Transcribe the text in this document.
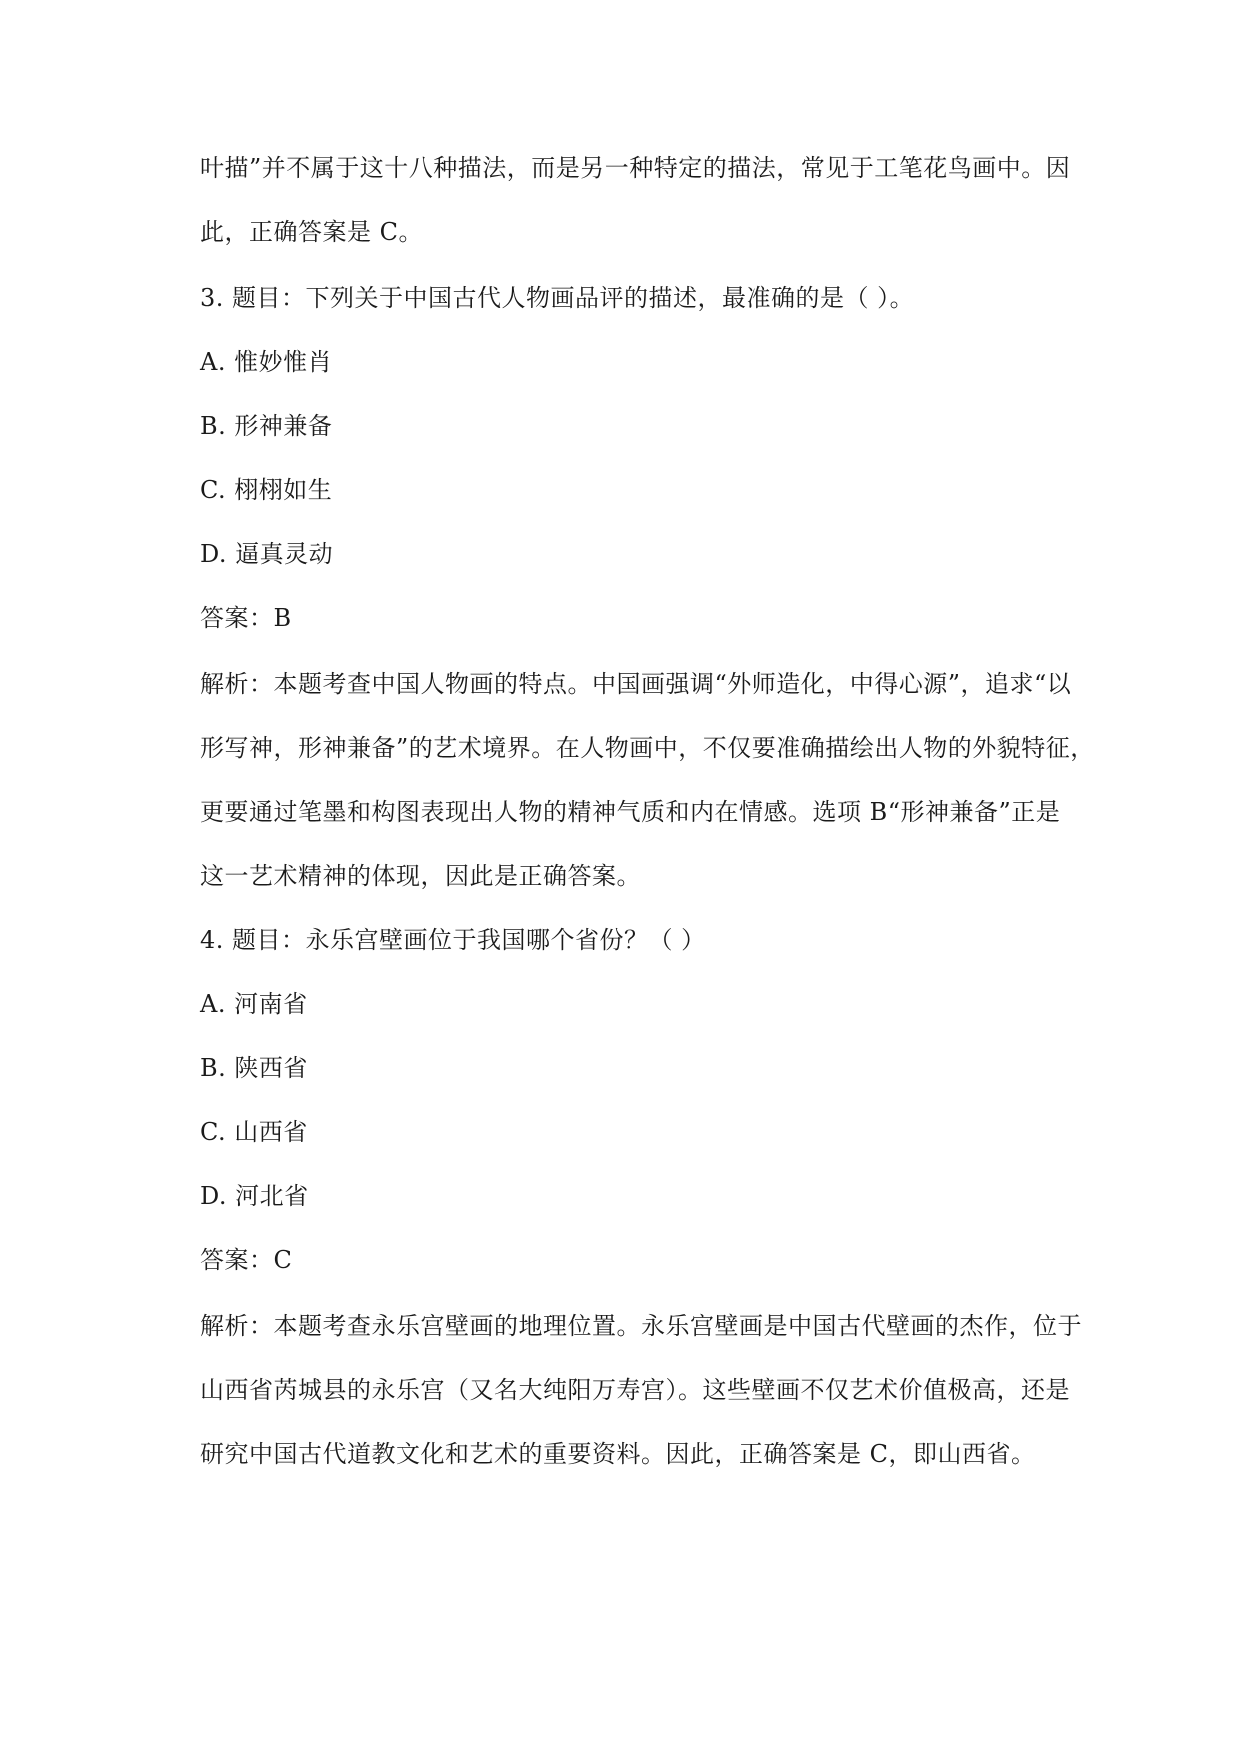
叶描”并不属于这十八种描法，而是另一种特定的描法，常见于工笔花鸟画中。因
此，正确答案是 C。
3. 题目：下列关于中国古代人物画品评的描述，最准确的是（ ）。
A. 惟妙惟肖
B. 形神兼备
C. 栩栩如生
D. 逼真灵动
答案：B
解析：本题考查中国人物画的特点。中国画强调“外师造化，中得心源”，追求“以
形写神，形神兼备”的艺术境界。在人物画中，不仅要准确描绘出人物的外貌特征，
更要通过笔墨和构图表现出人物的精神气质和内在情感。选项 B“形神兼备”正是
这一艺术精神的体现，因此是正确答案。
4. 题目：永乐宫壁画位于我国哪个省份？（ ）
A. 河南省
B. 陕西省
C. 山西省
D. 河北省
答案：C
解析：本题考查永乐宫壁画的地理位置。永乐宫壁画是中国古代壁画的杰作，位于
山西省芮城县的永乐宫（又名大纯阳万寿宫）。这些壁画不仅艺术价值极高，还是
研究中国古代道教文化和艺术的重要资料。因此，正确答案是 C，即山西省。
